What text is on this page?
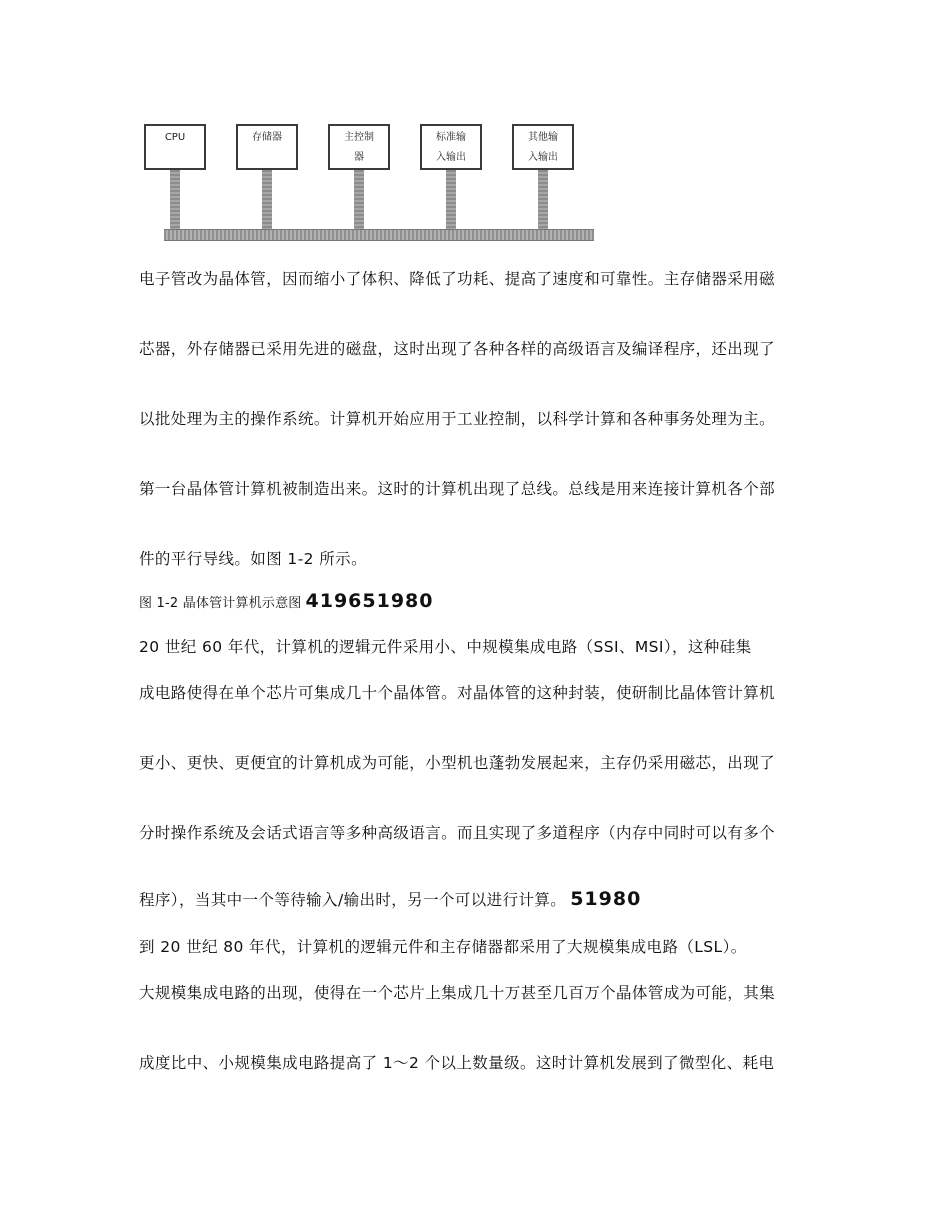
CPU	存储器	主控制
器
标准输
入输出
其他输
入输出

电子管改为晶体管，因而缩小了体积、降低了功耗、提高了速度和可靠性。主存储器采用磁

芯器，外存储器已采用先进的磁盘，这时出现了各种各样的高级语言及编译程序，还出现了

以批处理为主的操作系统。计算机开始应用于工业控制，以科学计算和各种事务处理为主。

第一台晶体管计算机被制造出来。这时的计算机出现了总线。总线是用来连接计算机各个部

件的平行导线。如图 1-2 所示。

图 1-2 晶体管计算机示意图 419651980

20 世纪 60 年代，计算机的逻辑元件采用小、中规模集成电路（SSI、MSI），这种硅集

成电路使得在单个芯片可集成几十个晶体管。对晶体管的这种封装，使研制比晶体管计算机

更小、更快、更便宜的计算机成为可能，小型机也蓬勃发展起来，主存仍采用磁芯，出现了

分时操作系统及会话式语言等多种高级语言。而且实现了多道程序（内存中同时可以有多个

程序），当其中一个等待输入/输出时，另一个可以进行计算。 51980

到 20 世纪 80 年代，计算机的逻辑元件和主存储器都采用了大规模集成电路（LSL）。

大规模集成电路的出现，使得在一个芯片上集成几十万甚至几百万个晶体管成为可能，其集

成度比中、小规模集成电路提高了 1～2 个以上数量级。这时计算机发展到了微型化、耗电
